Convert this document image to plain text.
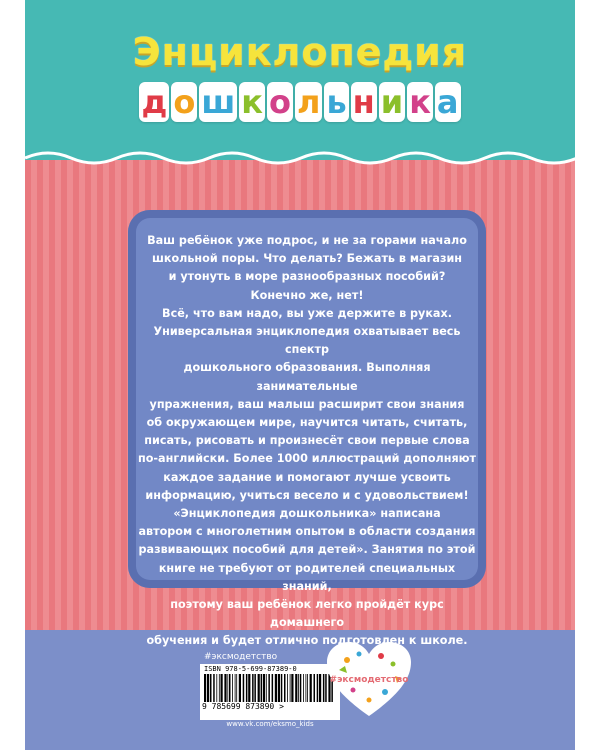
Энциклопедия
д о ш к о л ь н и к а

Ваш ребёнок уже подрос, и не за горами начало

школьной поры. Что делать? Бежать в магазин

и утонуть в море разнообразных пособий?

Конечно же, нет!

Всё, что вам надо, вы уже держите в руках.

Универсальная энциклопедия охватывает весь спектр

дошкольного образования. Выполняя занимательные

упражнения, ваш малыш расширит свои знания

об окружающем мире, научится читать, считать,

писать, рисовать и произнесёт свои первые слова

по-английски. Более 1000 иллюстраций дополняют

каждое задание и помогают лучше усвоить

информацию, учиться весело и с удовольствием!

«Энциклопедия дошкольника» написана

автором с многолетним опытом в области создания

развивающих пособий для детей». Занятия по этой

книге не требуют от родителей специальных знаний,

поэтому ваш ребёнок легко пройдёт курс домашнего

обучения и будет отлично подготовлен к школе.

#эксмодетство
ISBN 978-5-699-87389-0
9 785699 873890 >
www.vk.com/eksmo_kids
#эксмодетство
